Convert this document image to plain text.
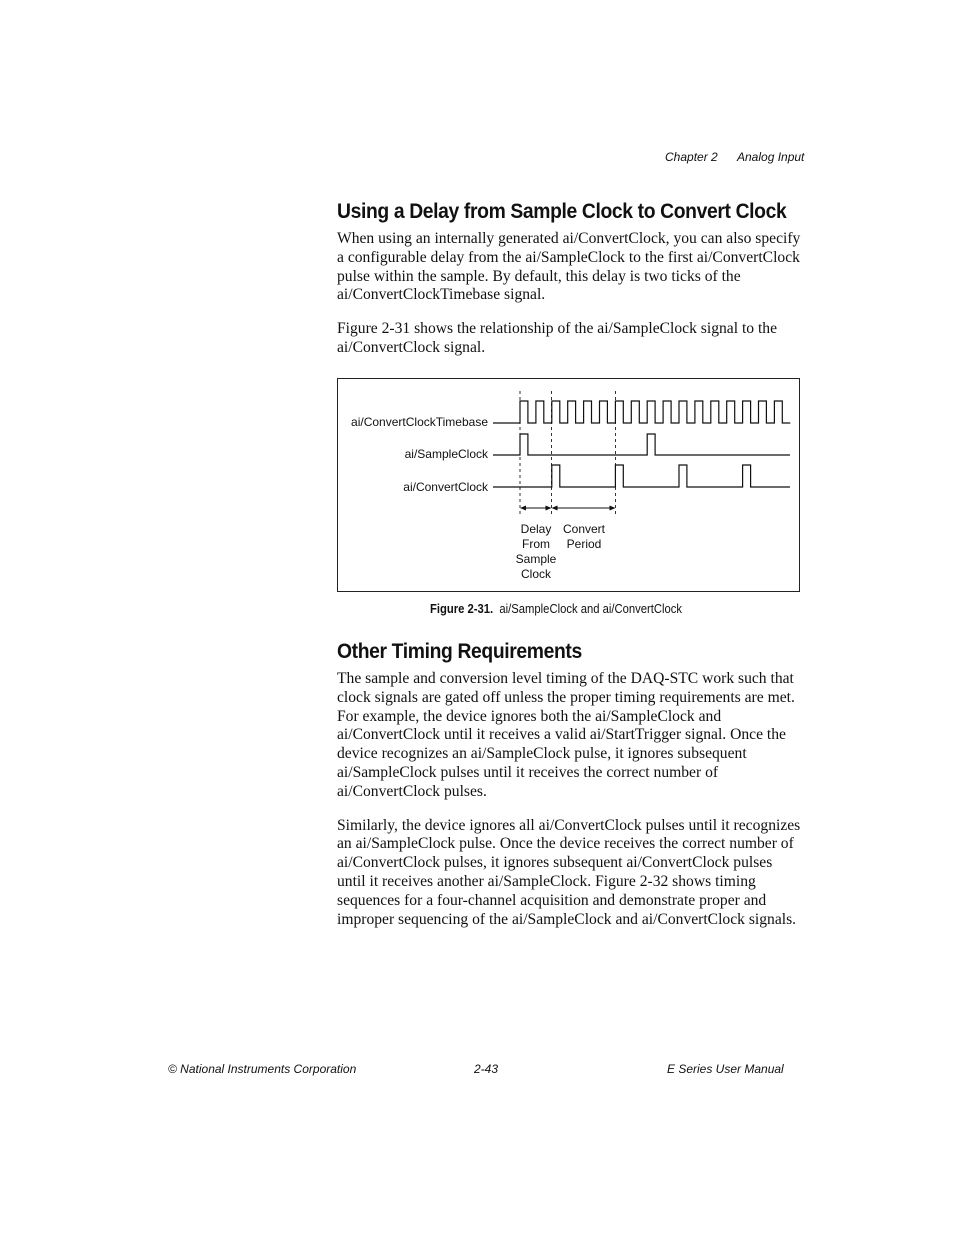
Chapter 2 Analog Input
Using a Delay from Sample Clock to Convert Clock

When using an internally generated ai/ConvertClock, you can also specify a configurable delay from the ai/SampleClock to the first ai/ConvertClock pulse within the sample. By default, this delay is two ticks of the ai/ConvertClockTimebase signal.

Figure 2-31 shows the relationship of the ai/SampleClock signal to the ai/ConvertClock signal.

ai/ConvertClockTimebase
ai/SampleClock
ai/ConvertClock
Delay
From
Sample
Clock
Convert
Period
Figure 2-31. ai/SampleClock and ai/ConvertClock
Other Timing Requirements

The sample and conversion level timing of the DAQ-STC work such that clock signals are gated off unless the proper timing requirements are met. For example, the device ignores both the ai/SampleClock and ai/ConvertClock until it receives a valid ai/StartTrigger signal. Once the device recognizes an ai/SampleClock pulse, it ignores subsequent ai/SampleClock pulses until it receives the correct number of ai/ConvertClock pulses.

Similarly, the device ignores all ai/ConvertClock pulses until it recognizes an ai/SampleClock pulse. Once the device receives the correct number of ai/ConvertClock pulses, it ignores subsequent ai/ConvertClock pulses until it receives another ai/SampleClock. Figure 2-32 shows timing sequences for a four-channel acquisition and demonstrate proper and improper sequencing of the ai/SampleClock and ai/ConvertClock signals.

© National Instruments Corporation	2-43	E Series User Manual
